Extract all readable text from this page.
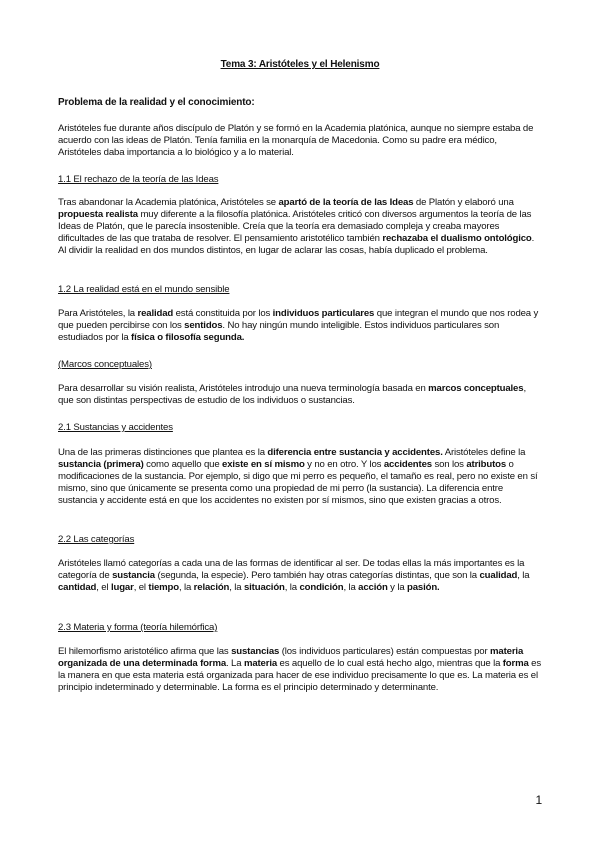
Tema 3: Aristóteles y el Helenismo
Problema de la realidad y el conocimiento:

Aristóteles fue durante años discípulo de Platón y se formó en la Academia platónica, aunque no siempre estaba de acuerdo con las ideas de Platón. Tenía familia en la monarquía de Macedonia. Como su padre era médico, Aristóteles daba importancia a lo biológico y a lo material.

1.1 El rechazo de la teoría de las Ideas

Tras abandonar la Academia platónica, Aristóteles se apartó de la teoría de las Ideas de Platón y elaboró una propuesta realista muy diferente a la filosofía platónica. Aristóteles criticó con diversos argumentos la teoría de las Ideas de Platón, que le parecía insostenible. Creía que la teoría era demasiado compleja y creaba mayores dificultades de las que trataba de resolver. El pensamiento aristotélico también rechazaba el dualismo ontológico. Al dividir la realidad en dos mundos distintos, en lugar de aclarar las cosas, había duplicado el problema.

1.2 La realidad está en el mundo sensible

Para Aristóteles, la realidad está constituida por los individuos particulares que integran el mundo que nos rodea y que pueden percibirse con los sentidos. No hay ningún mundo inteligible. Estos individuos particulares son estudiados por la física o filosofía segunda.

(Marcos conceptuales)

Para desarrollar su visión realista, Aristóteles introdujo una nueva terminología basada en marcos conceptuales, que son distintas perspectivas de estudio de los individuos o sustancias.

2.1 Sustancias y accidentes

Una de las primeras distinciones que plantea es la diferencia entre sustancia y accidentes. Aristóteles define la sustancia (primera) como aquello que existe en sí mismo y no en otro. Y los accidentes son los atributos o modificaciones de la sustancia. Por ejemplo, si digo que mi perro es pequeño, el tamaño es real, pero no existe en sí mismo, sino que únicamente se presenta como una propiedad de mi perro (la sustancia). La diferencia entre sustancia y accidente está en que los accidentes no existen por sí mismos, sino que existen gracias a otros.

2.2 Las categorías

Aristóteles llamó categorías a cada una de las formas de identificar al ser. De todas ellas la más importantes es la categoría de sustancia (segunda, la especie). Pero también hay otras categorías distintas, que son la cualidad, la cantidad, el lugar, el tiempo, la relación, la situación, la condición, la acción y la pasión.

2.3 Materia y forma (teoría hilemórfica)

El hilemorfismo aristotélico afirma que las sustancias (los individuos particulares) están compuestas por materia organizada de una determinada forma. La materia es aquello de lo cual está hecho algo, mientras que la forma es la manera en que esta materia está organizada para hacer de ese individuo precisamente lo que es. La materia es el principio indeterminado y determinable. La forma es el principio determinado y determinante.

1
